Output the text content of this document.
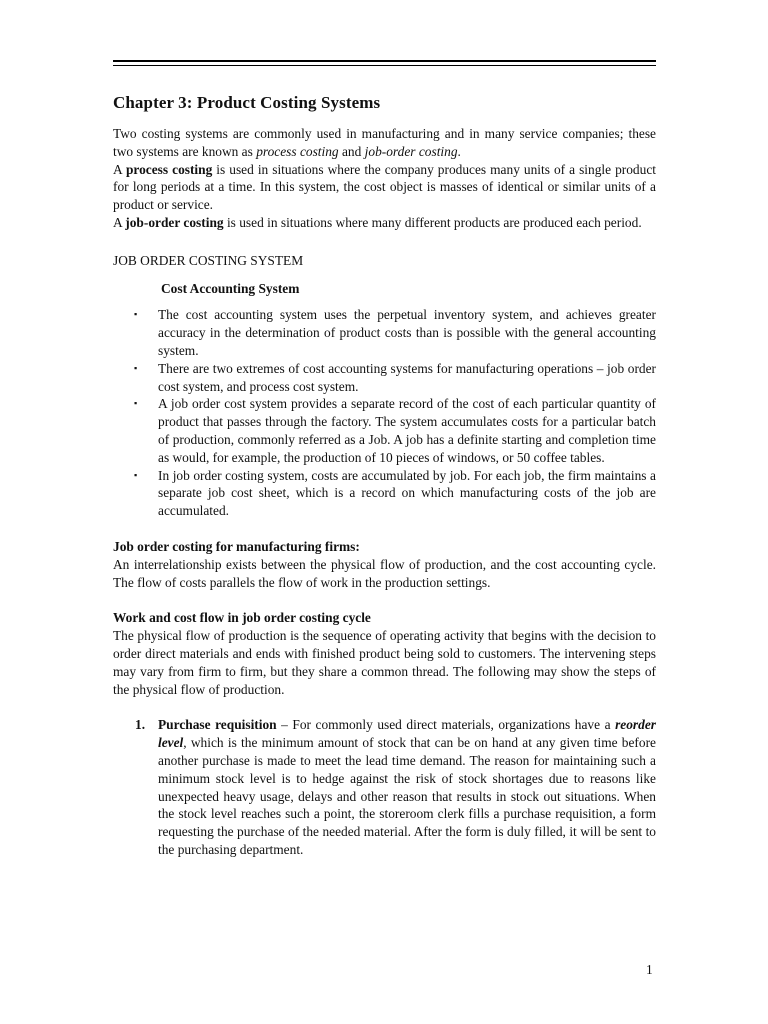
Chapter 3: Product Costing Systems

Two costing systems are commonly used in manufacturing and in many service companies; these two systems are known as process costing and job-order costing.

A process costing is used in situations where the company produces many units of a single product for long periods at a time. In this system, the cost object is masses of identical or similar units of a product or service.

A job-order costing is used in situations where many different products are produced each period.

JOB ORDER COSTING SYSTEM

Cost Accounting System

▪ The cost accounting system uses the perpetual inventory system, and achieves greater accuracy in the determination of product costs than is possible with the general accounting system.
▪ There are two extremes of cost accounting systems for manufacturing operations – job order cost system, and process cost system.
▪ A job order cost system provides a separate record of the cost of each particular quantity of product that passes through the factory. The system accumulates costs for a particular batch of production, commonly referred as a Job. A job has a definite starting and completion time as would, for example, the production of 10 pieces of windows, or 50 coffee tables.
▪ In job order costing system, costs are accumulated by job. For each job, the firm maintains a separate job cost sheet, which is a record on which manufacturing costs of the job are accumulated.

Job order costing for manufacturing firms:

An interrelationship exists between the physical flow of production, and the cost accounting cycle. The flow of costs parallels the flow of work in the production settings.

Work and cost flow in job order costing cycle

The physical flow of production is the sequence of operating activity that begins with the decision to order direct materials and ends with finished product being sold to customers. The intervening steps may vary from firm to firm, but they share a common thread. The following may show the steps of the physical flow of production.

1. Purchase requisition – For commonly used direct materials, organizations have a reorder level, which is the minimum amount of stock that can be on hand at any given time before another purchase is made to meet the lead time demand. The reason for maintaining such a minimum stock level is to hedge against the risk of stock shortages due to reasons like unexpected heavy usage, delays and other reason that results in stock out situations. When the stock level reaches such a point, the storeroom clerk fills a purchase requisition, a form requesting the purchase of the needed material. After the form is duly filled, it will be sent to the purchasing department.
1
